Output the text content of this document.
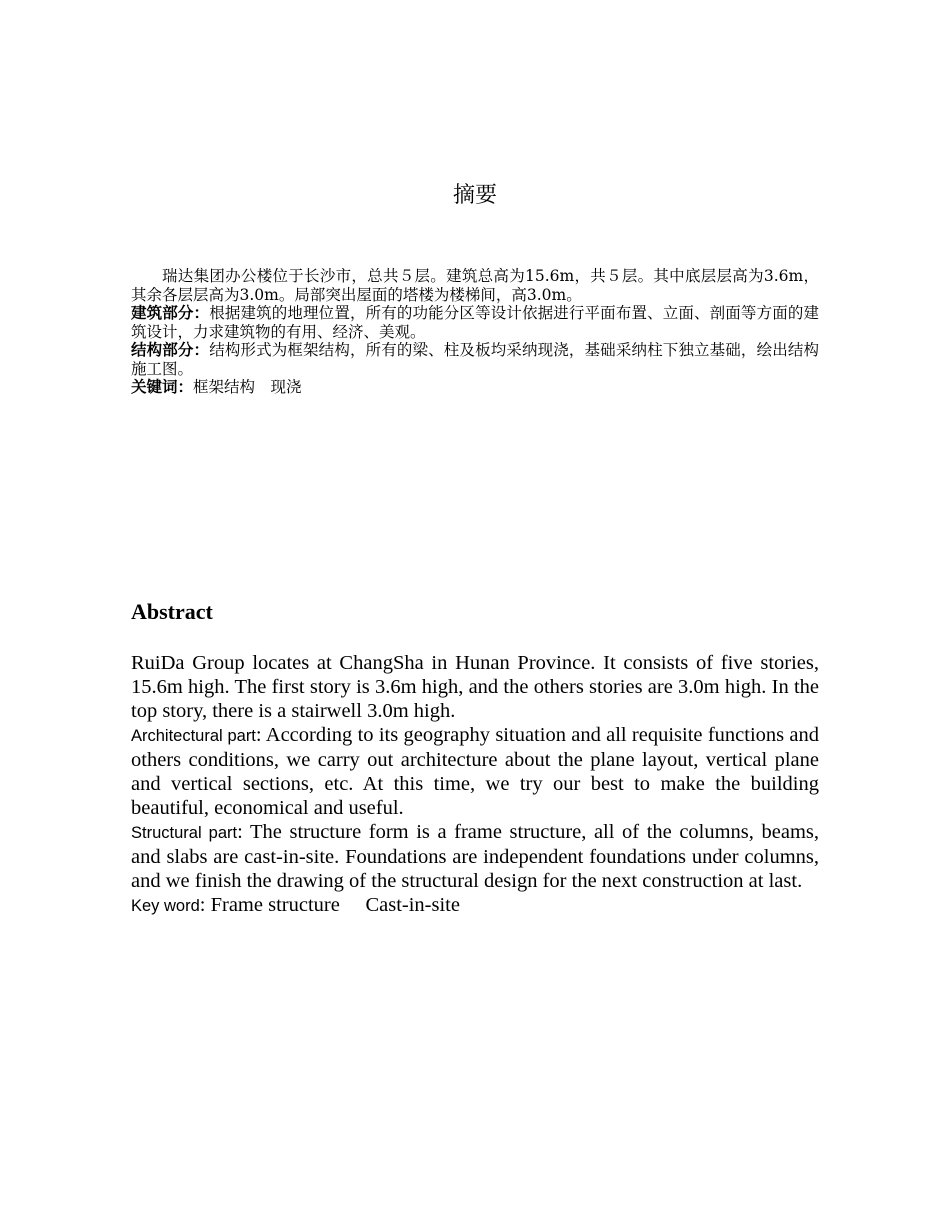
摘要

瑞达集团办公楼位于长沙市，总共５层。建筑总高为15.6m，共５层。其中底层层高为3.6m，其余各层层高为3.0m。局部突出屋面的塔楼为楼梯间，高3.0m。

建筑部分：根据建筑的地理位置，所有的功能分区等设计依据进行平面布置、立面、剖面等方面的建筑设计，力求建筑物的有用、经济、美观。

结构部分：结构形式为框架结构，所有的梁、柱及板均采纳现浇，基础采纳柱下独立基础，绘出结构施工图。

关键词：框架结构　现浇

Abstract

RuiDa Group locates at ChangSha in Hunan Province. It consists of five stories, 15.6m high. The first story is 3.6m high, and the others stories are 3.0m high. In the top story, there is a stairwell 3.0m high.

Architectural part: According to its geography situation and all requisite functions and others conditions, we carry out architecture about the plane layout, vertical plane and vertical sections, etc. At this time, we try our best to make the building beautiful, economical and useful.

Structural part: The structure form is a frame structure, all of the columns, beams, and slabs are cast-in-site. Foundations are independent foundations under columns, and we finish the drawing of the structural design for the next construction at last.

Key word: Frame structure　 Cast-in-site
